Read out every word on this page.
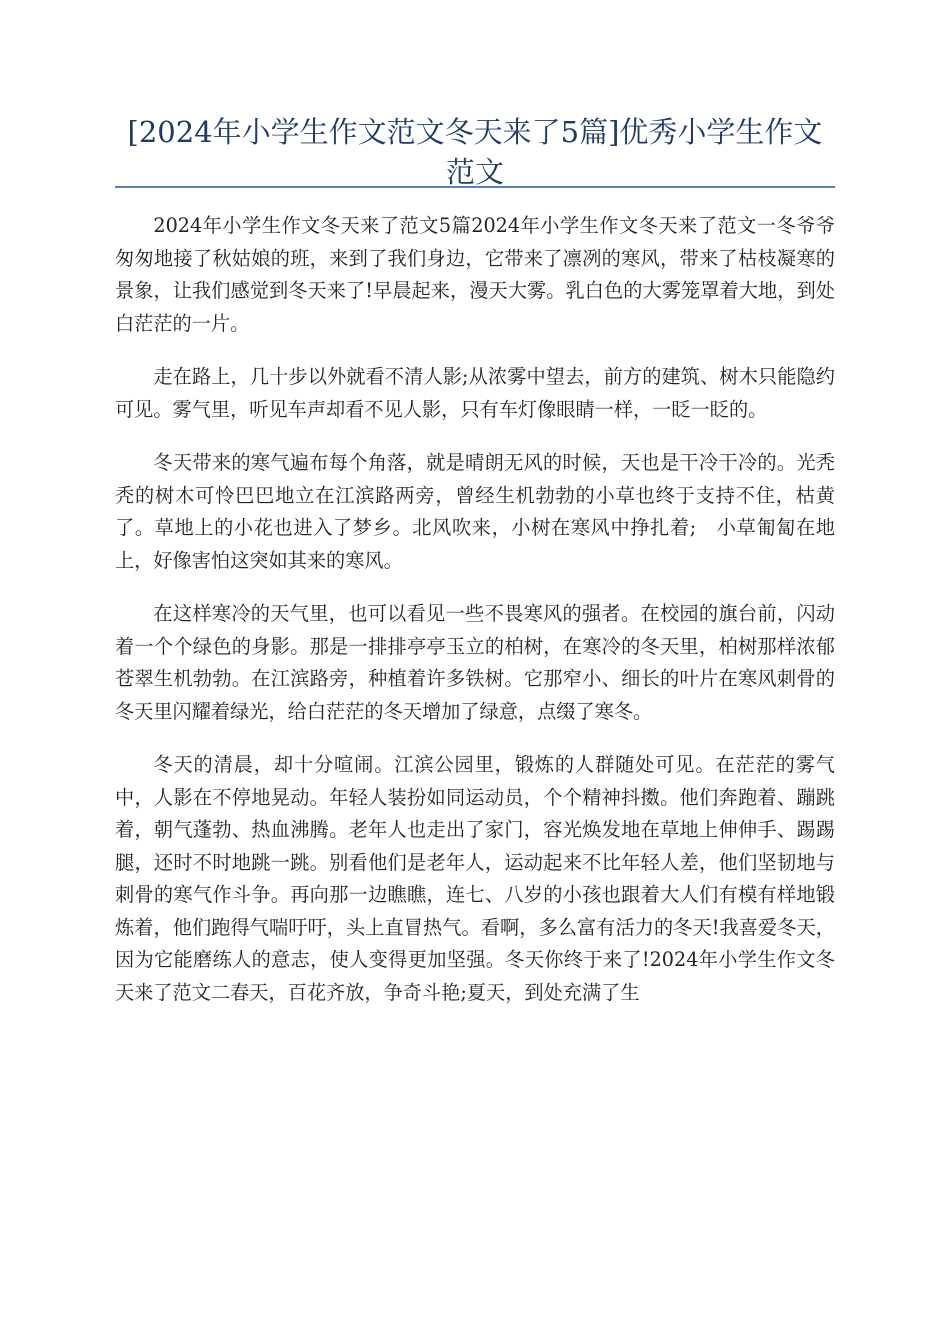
[2024年小学生作文范文冬天来了5篇]优秀小学生作文范文

2024年小学生作文冬天来了范文5篇2024年小学生作文冬天来了范文一冬爷爷匆匆地接了秋姑娘的班，来到了我们身边，它带来了凛冽的寒风，带来了枯枝凝寒的景象，让我们感觉到冬天来了!早晨起来，漫天大雾。乳白色的大雾笼罩着大地，到处白茫茫的一片。

走在路上，几十步以外就看不清人影;从浓雾中望去，前方的建筑、树木只能隐约可见。雾气里，听见车声却看不见人影，只有车灯像眼睛一样，一眨一眨的。

冬天带来的寒气遍布每个角落，就是晴朗无风的时候，天也是干冷干冷的。光秃秃的树木可怜巴巴地立在江滨路两旁，曾经生机勃勃的小草也终于支持不住，枯黄了。草地上的小花也进入了梦乡。北风吹来，小树在寒风中挣扎着;　小草匍匐在地上，好像害怕这突如其来的寒风。

在这样寒冷的天气里，也可以看见一些不畏寒风的强者。在校园的旗台前，闪动着一个个绿色的身影。那是一排排亭亭玉立的柏树，在寒冷的冬天里，柏树那样浓郁苍翠生机勃勃。在江滨路旁，种植着许多铁树。它那窄小、细长的叶片在寒风刺骨的冬天里闪耀着绿光，给白茫茫的冬天增加了绿意，点缀了寒冬。

冬天的清晨，却十分喧闹。江滨公园里，锻炼的人群随处可见。在茫茫的雾气中，人影在不停地晃动。年轻人装扮如同运动员，个个精神抖擞。他们奔跑着、蹦跳着，朝气蓬勃、热血沸腾。老年人也走出了家门，容光焕发地在草地上伸伸手、踢踢腿，还时不时地跳一跳。别看他们是老年人，运动起来不比年轻人差，他们坚韧地与刺骨的寒气作斗争。再向那一边瞧瞧，连七、八岁的小孩也跟着大人们有模有样地锻炼着，他们跑得气喘吁吁，头上直冒热气。看啊，多么富有活力的冬天!我喜爱冬天，因为它能磨练人的意志，使人变得更加坚强。冬天你终于来了!2024年小学生作文冬天来了范文二春天，百花齐放，争奇斗艳;夏天，到处充满了生
